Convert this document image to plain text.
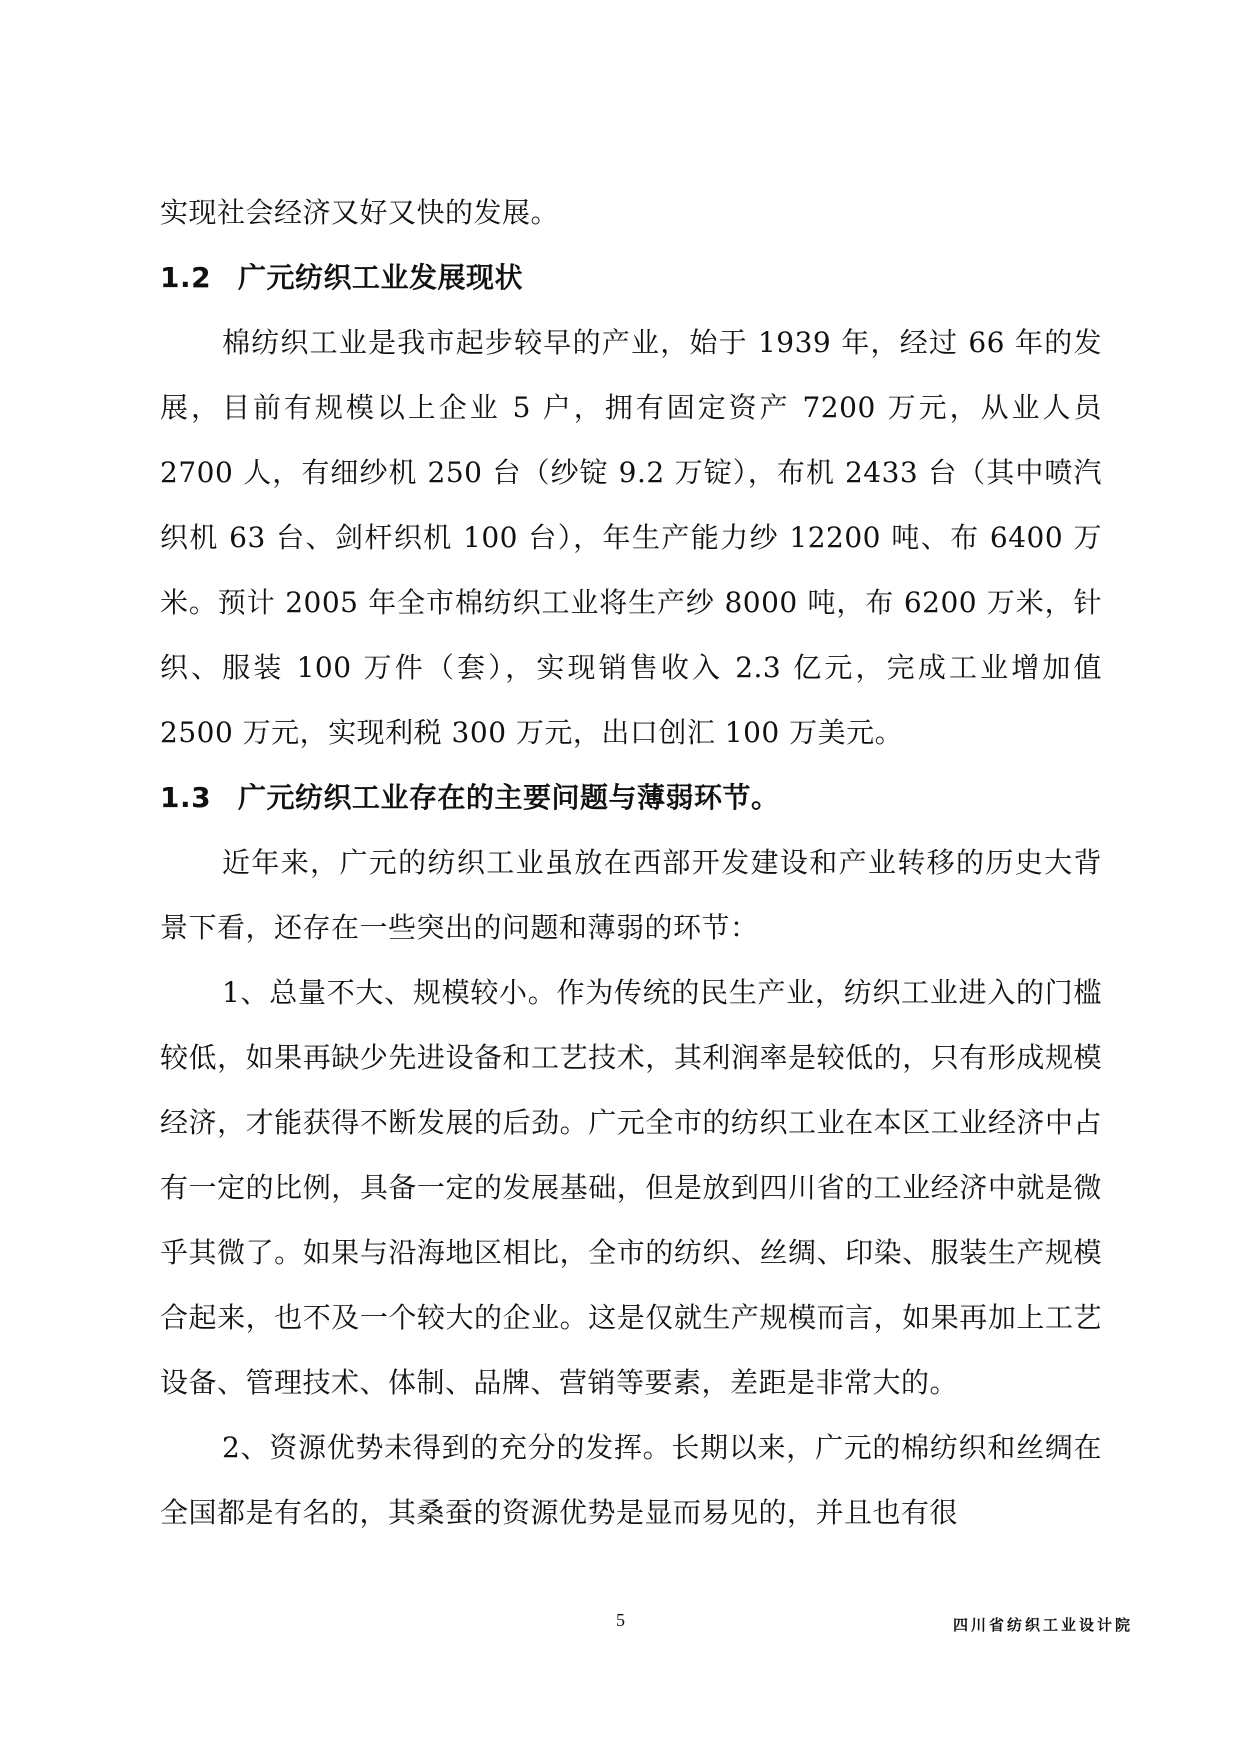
实现社会经济又好又快的发展。

1.2 广元纺织工业发展现状

棉纺织工业是我市起步较早的产业，始于 1939 年，经过 66 年的发展，目前有规模以上企业 5 户，拥有固定资产 7200 万元，从业人员 2700 人，有细纱机 250 台（纱锭 9.2 万锭），布机 2433 台（其中喷汽织机 63 台、剑杆织机 100 台），年生产能力纱 12200 吨、布 6400 万米。预计 2005 年全市棉纺织工业将生产纱 8000 吨，布 6200 万米，针织、服装 100 万件（套），实现销售收入 2.3 亿元，完成工业增加值 2500 万元，实现利税 300 万元，出口创汇 100 万美元。

1.3 广元纺织工业存在的主要问题与薄弱环节。

近年来，广元的纺织工业虽放在西部开发建设和产业转移的历史大背景下看，还存在一些突出的问题和薄弱的环节：

1、总量不大、规模较小。作为传统的民生产业，纺织工业进入的门槛较低，如果再缺少先进设备和工艺技术，其利润率是较低的，只有形成规模经济，才能获得不断发展的后劲。广元全市的纺织工业在本区工业经济中占有一定的比例，具备一定的发展基础，但是放到四川省的工业经济中就是微乎其微了。如果与沿海地区相比，全市的纺织、丝绸、印染、服装生产规模合起来，也不及一个较大的企业。这是仅就生产规模而言，如果再加上工艺设备、管理技术、体制、品牌、营销等要素，差距是非常大的。

2、资源优势未得到的充分的发挥。长期以来，广元的棉纺织和丝绸在全国都是有名的，其桑蚕的资源优势是显而易见的，并且也有很

5	四川省纺织工业设计院
